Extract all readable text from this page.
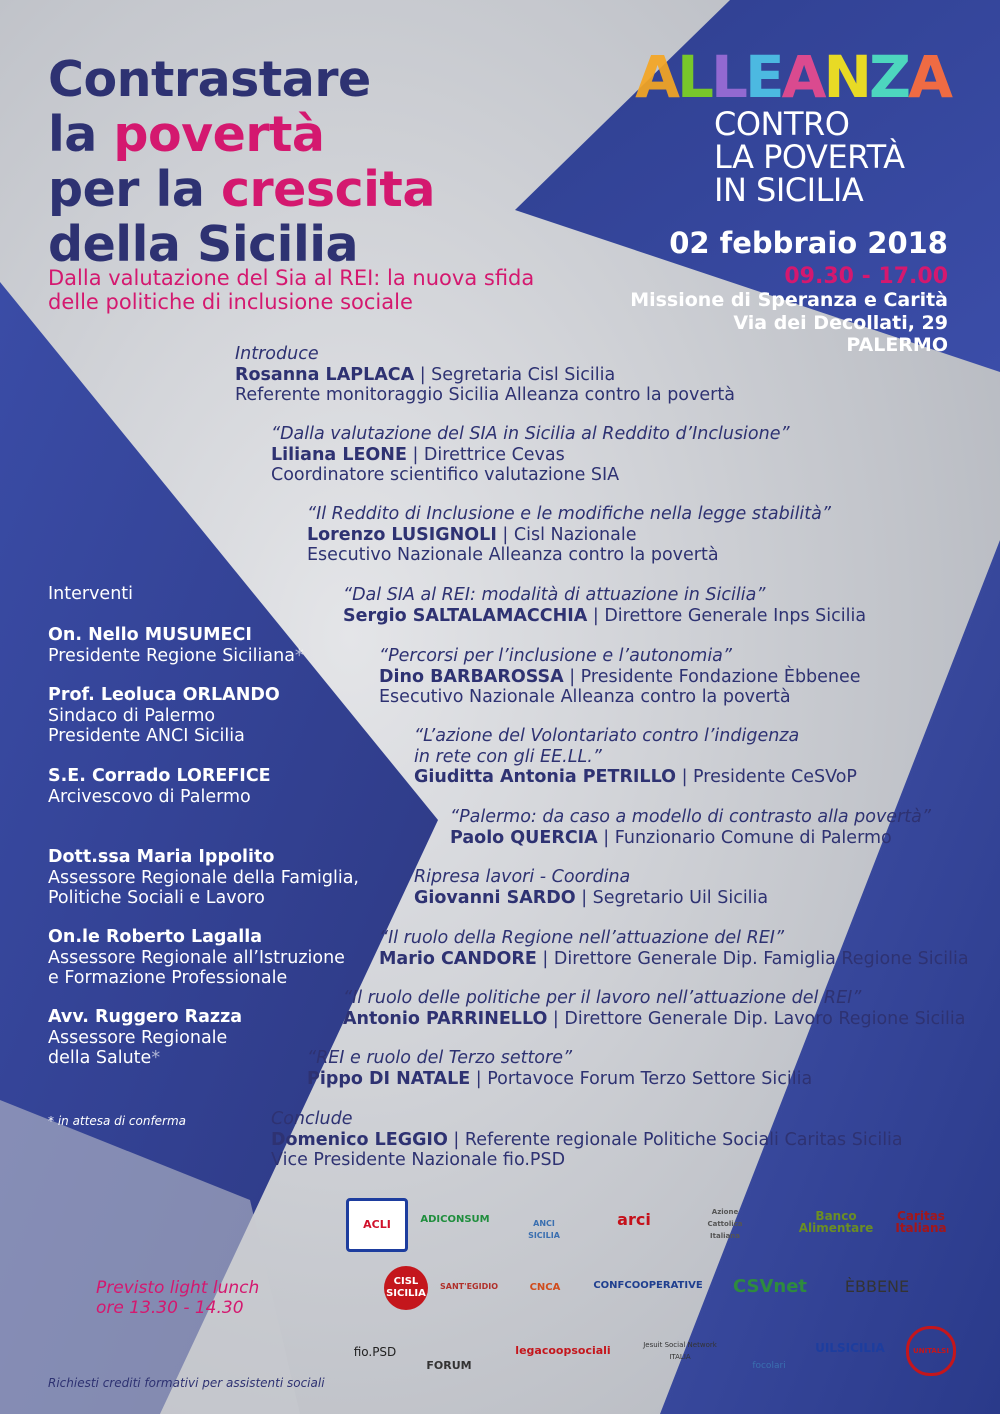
Contrastare
la povertà
per la crescita
della Sicilia
Dalla valutazione del Sia al REI: la nuova sfida
delle politiche di inclusione sociale
ALLEANZA
CONTRO
LA POVERTÀ
IN SICILIA
02 febbraio 2018
09.30 - 17.00
Missione di Speranza e Carità
Via dei Decollati, 29
PALERMO
Introduce
Rosanna LAPLACA | Segretaria Cisl Sicilia
Referente monitoraggio Sicilia Alleanza contro la povertà
“Dalla valutazione del SIA in Sicilia al Reddito d’Inclusione”
Liliana LEONE | Direttrice Cevas
Coordinatore scientifico valutazione SIA
“Il Reddito di Inclusione e le modifiche nella legge stabilità”
Lorenzo LUSIGNOLI | Cisl Nazionale
Esecutivo Nazionale Alleanza contro la povertà
“Dal SIA al REI: modalità di attuazione in Sicilia”
Sergio SALTALAMACCHIA | Direttore Generale Inps Sicilia
“Percorsi per l’inclusione e l’autonomia”
Dino BARBAROSSA | Presidente Fondazione Èbbenee
Esecutivo Nazionale Alleanza contro la povertà
“L’azione del Volontariato contro l’indigenza
in rete con gli EE.LL.”
Giuditta Antonia PETRILLO | Presidente CeSVoP
“Palermo: da caso a modello di contrasto alla povertà”
Paolo QUERCIA | Funzionario Comune di Palermo
Ripresa lavori - Coordina
Giovanni SARDO | Segretario Uil Sicilia
“Il ruolo della Regione nell’attuazione del REI”
Mario CANDORE | Direttore Generale Dip. Famiglia Regione Sicilia
“Il ruolo delle politiche per il lavoro nell’attuazione del REI”
Antonio PARRINELLO | Direttore Generale Dip. Lavoro Regione Sicilia
“REI e ruolo del Terzo settore”
Pippo DI NATALE | Portavoce Forum Terzo Settore Sicilia
Conclude
Domenico LEGGIO | Referente regionale Politiche Sociali Caritas Sicilia
Vice Presidente Nazionale fio.PSD
Interventi
On. Nello MUSUMECI
Presidente Regione Siciliana*
Prof. Leoluca ORLANDO
Sindaco di Palermo
Presidente ANCI Sicilia
S.E. Corrado LOREFICE
Arcivescovo di Palermo
Dott.ssa Maria Ippolito
Assessore Regionale della Famiglia,
Politiche Sociali e Lavoro
On.le Roberto Lagalla
Assessore Regionale all’Istruzione
e Formazione Professionale
Avv. Ruggero Razza
Assessore Regionale
della Salute*
* in attesa di conferma
Previsto light lunch
ore 13.30 - 14.30
Richiesti crediti formativi per assistenti sociali
ACLI	ADICONSUM	ANCI SICILIA
arci	Azione Cattolica Italiana
Banco Alimentare
Caritas Italiana
CISL SICILIA
SANT'EGIDIO	CNCA	CONFCOOPERATIVE	CSVnet	ÈBBENE
fio.PSD
FORUM
legacoopsociali	Jesuit Social Network ITALIA
focolari
UILSICILIA	UNITALSI
